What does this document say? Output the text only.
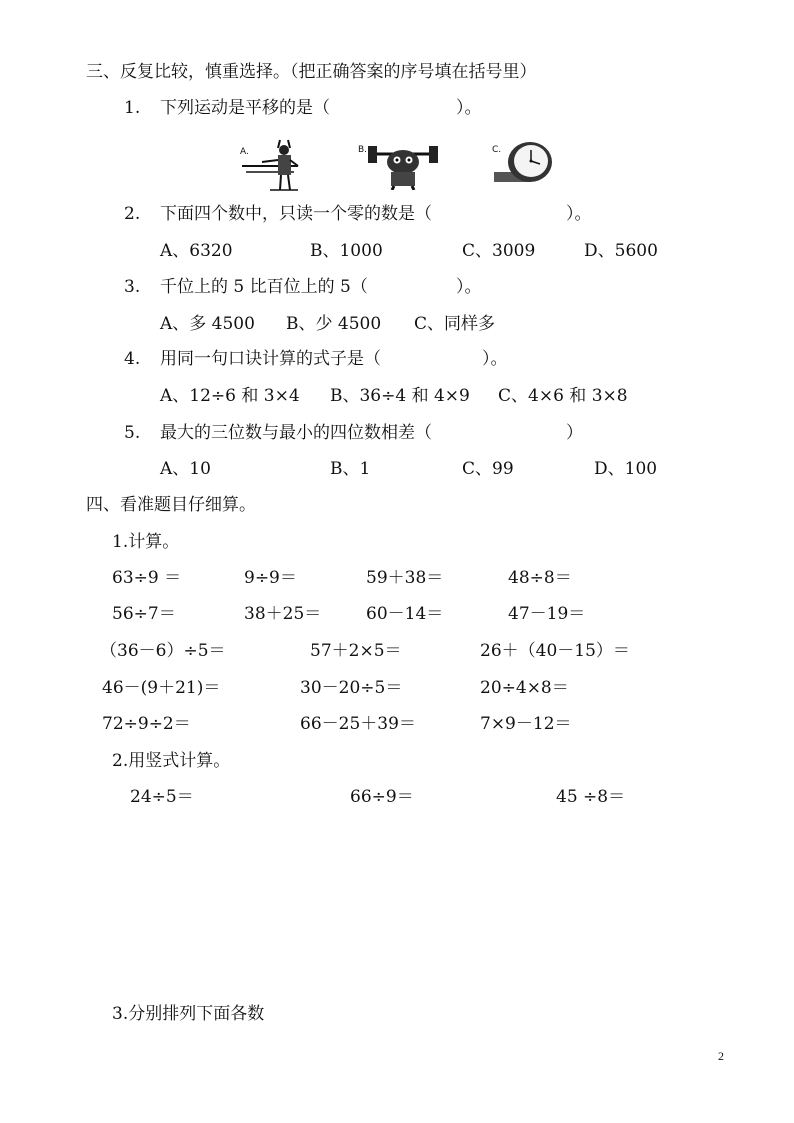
三、反复比较，慎重选择。（把正确答案的序号填在括号里）
1. 下列运动是平移的是（	）。
A.	B.	C.
2. 下面四个数中，只读一个零的数是（	）。
A、6320	B、1000	C、3009	D、5600
3. 千位上的 5 比百位上的 5（	）。
A、多 4500 B、少 4500 C、同样多
4. 用同一句口诀计算的式子是（	）。
A、12÷6 和 3×4 B、36÷4 和 4×9 C、4×6 和 3×8
5. 最大的三位数与最小的四位数相差（	）
A、10	B、1	C、99	D、100
四、看准题目仔细算。
1.计算。
63÷9 ＝	9÷9＝	59＋38＝	48÷8＝
56÷7＝	38＋25＝	60－14＝	47－19＝
（36－6）÷5＝	57＋2×5＝	26＋（40－15）＝
46－(9＋21)＝	30－20÷5＝	20÷4×8＝
72÷9÷2＝	66－25＋39＝	7×9－12＝
2.用竖式计算。
24÷5＝	66÷9＝	45 ÷8＝
3.分别排列下面各数
2
